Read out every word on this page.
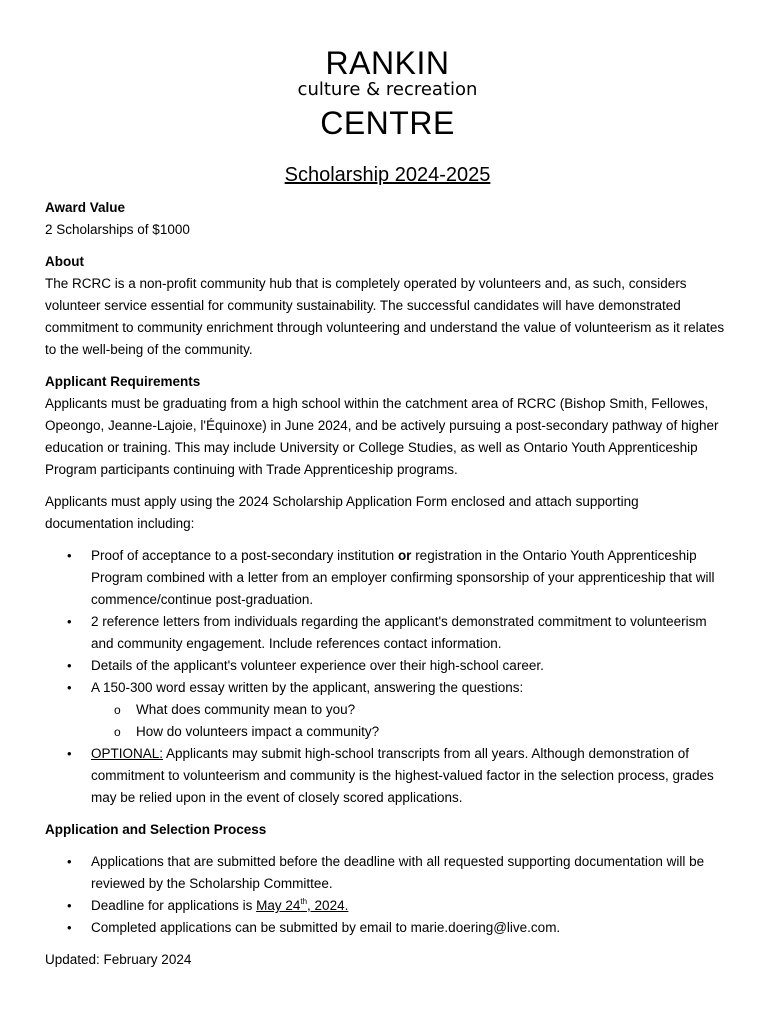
RANKIN
culture & recreation
CENTRE
Scholarship 2024-2025
Award Value
2 Scholarships of $1000
About
The RCRC is a non-profit community hub that is completely operated by volunteers and, as such, considers volunteer service essential for community sustainability. The successful candidates will have demonstrated commitment to community enrichment through volunteering and understand the value of volunteerism as it relates to the well-being of the community.
Applicant Requirements
Applicants must be graduating from a high school within the catchment area of RCRC (Bishop Smith, Fellowes, Opeongo, Jeanne-Lajoie, l'Équinoxe) in June 2024, and be actively pursuing a post-secondary pathway of higher education or training. This may include University or College Studies, as well as Ontario Youth Apprenticeship Program participants continuing with Trade Apprenticeship programs.
Applicants must apply using the 2024 Scholarship Application Form enclosed and attach supporting documentation including:
• Proof of acceptance to a post-secondary institution or registration in the Ontario Youth Apprenticeship Program combined with a letter from an employer confirming sponsorship of your apprenticeship that will commence/continue post-graduation.
• 2 reference letters from individuals regarding the applicant's demonstrated commitment to volunteerism and community engagement. Include references contact information.
• Details of the applicant's volunteer experience over their high-school career.
• A 150-300 word essay written by the applicant, answering the questions:
o What does community mean to you?
o How do volunteers impact a community?
• OPTIONAL: Applicants may submit high-school transcripts from all years. Although demonstration of commitment to volunteerism and community is the highest-valued factor in the selection process, grades may be relied upon in the event of closely scored applications.
Application and Selection Process
• Applications that are submitted before the deadline with all requested supporting documentation will be reviewed by the Scholarship Committee.
• Deadline for applications is May 24th, 2024.
• Completed applications can be submitted by email to marie.doering@live.com.
Updated: February 2024
